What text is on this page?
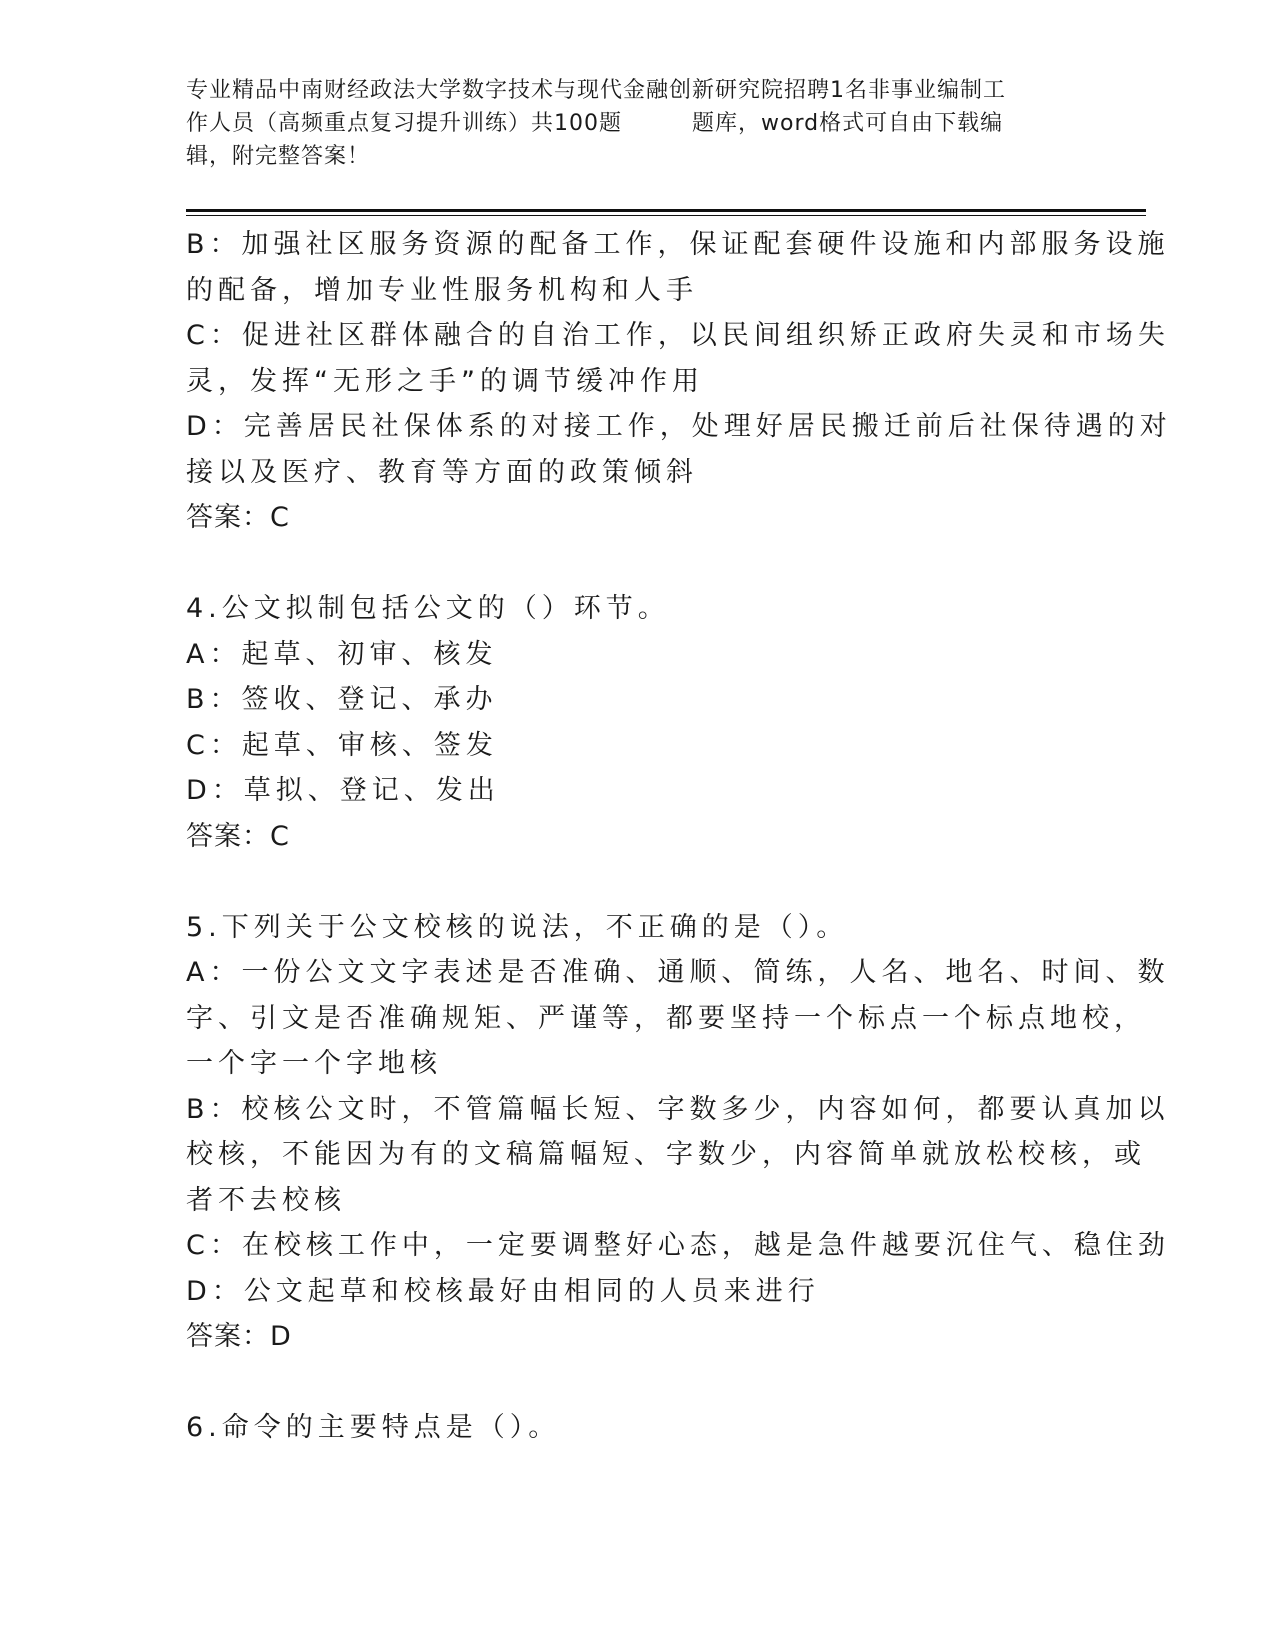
专业精品中南财经政法大学数字技术与现代金融创新研究院招聘1名非事业编制工
作人员（高频重点复习提升训练）共100题	题库，word格式可自由下载编
辑，附完整答案！
B：加强社区服务资源的配备工作，保证配套硬件设施和内部服务设施
的配备，增加专业性服务机构和人手
C：促进社区群体融合的自治工作，以民间组织矫正政府失灵和市场失
灵，发挥“无形之手”的调节缓冲作用
D：完善居民社保体系的对接工作，处理好居民搬迁前后社保待遇的对
接以及医疗、教育等方面的政策倾斜
答案：C
4.公文拟制包括公文的（）环节。
A：起草、初审、核发
B：签收、登记、承办
C：起草、审核、签发
D：草拟、登记、发出
答案：C
5.下列关于公文校核的说法，不正确的是（）。
A：一份公文文字表述是否准确、通顺、简练，人名、地名、时间、数
字、引文是否准确规矩、严谨等，都要坚持一个标点一个标点地校，
一个字一个字地核
B：校核公文时，不管篇幅长短、字数多少，内容如何，都要认真加以
校核，不能因为有的文稿篇幅短、字数少，内容简单就放松校核，或
者不去校核
C：在校核工作中，一定要调整好心态，越是急件越要沉住气、稳住劲
D：公文起草和校核最好由相同的人员来进行
答案：D
6.命令的主要特点是（）。
